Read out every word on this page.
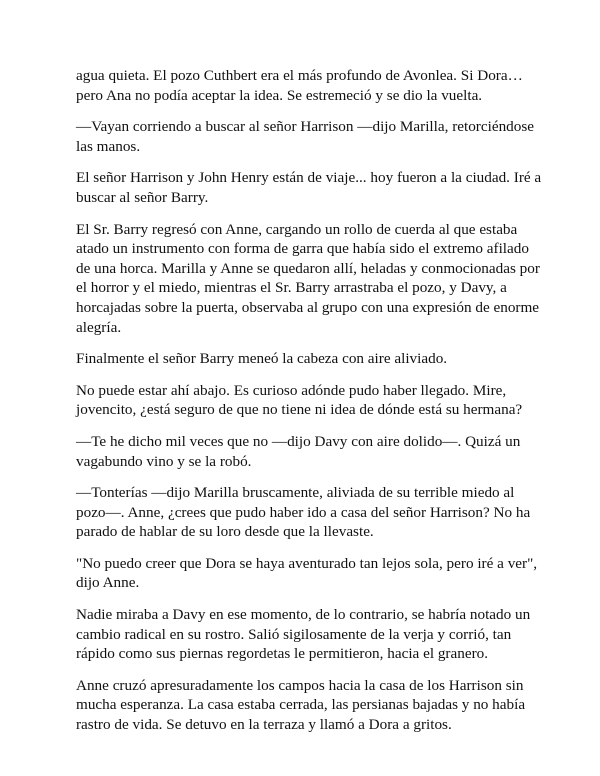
agua quieta. El pozo Cuthbert era el más profundo de Avonlea. Si Dora… pero Ana no podía aceptar la idea. Se estremeció y se dio la vuelta.

—Vayan corriendo a buscar al señor Harrison —dijo Marilla, retorciéndose las manos.

El señor Harrison y John Henry están de viaje... hoy fueron a la ciudad. Iré a buscar al señor Barry.

El Sr. Barry regresó con Anne, cargando un rollo de cuerda al que estaba atado un instrumento con forma de garra que había sido el extremo afilado de una horca. Marilla y Anne se quedaron allí, heladas y conmocionadas por el horror y el miedo, mientras el Sr. Barry arrastraba el pozo, y Davy, a horcajadas sobre la puerta, observaba al grupo con una expresión de enorme alegría.

Finalmente el señor Barry meneó la cabeza con aire aliviado.

No puede estar ahí abajo. Es curioso adónde pudo haber llegado. Mire, jovencito, ¿está seguro de que no tiene ni idea de dónde está su hermana?

—Te he dicho mil veces que no —dijo Davy con aire dolido—. Quizá un vagabundo vino y se la robó.

—Tonterías —dijo Marilla bruscamente, aliviada de su terrible miedo al pozo—. Anne, ¿crees que pudo haber ido a casa del señor Harrison? No ha parado de hablar de su loro desde que la llevaste.

"No puedo creer que Dora se haya aventurado tan lejos sola, pero iré a ver", dijo Anne.

Nadie miraba a Davy en ese momento, de lo contrario, se habría notado un cambio radical en su rostro. Salió sigilosamente de la verja y corrió, tan rápido como sus piernas regordetas le permitieron, hacia el granero.

Anne cruzó apresuradamente los campos hacia la casa de los Harrison sin mucha esperanza. La casa estaba cerrada, las persianas bajadas y no había rastro de vida. Se detuvo en la terraza y llamó a Dora a gritos.
